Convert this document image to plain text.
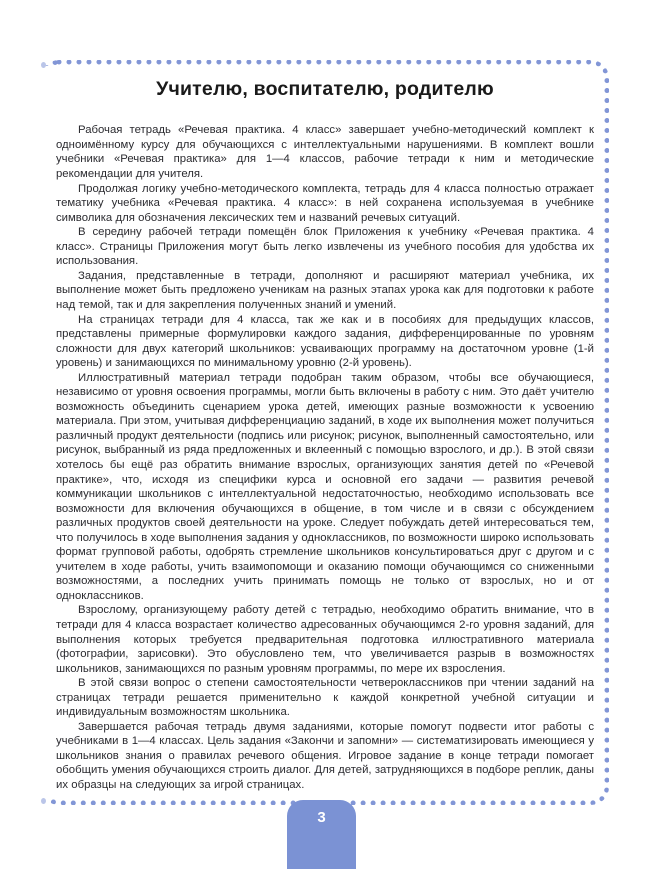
Учителю, воспитателю, родителю

Рабочая тетрадь «Речевая практика. 4 класс» завершает учебно-методический комплект к одноимённому курсу для обучающихся с интеллектуальными нарушениями. В комплект вошли учебники «Речевая практика» для 1—4 классов, рабочие тетради к ним и методические рекомендации для учителя.

Продолжая логику учебно-методического комплекта, тетрадь для 4 класса полностью отражает тематику учебника «Речевая практика. 4 класс»: в ней сохранена используемая в учебнике символика для обозначения лексических тем и названий речевых ситуаций.

В середину рабочей тетради помещён блок Приложения к учебнику «Речевая практика. 4 класс». Страницы Приложения могут быть легко извлечены из учебного пособия для удобства их использования.

Задания, представленные в тетради, дополняют и расширяют материал учебника, их выполнение может быть предложено ученикам на разных этапах урока как для подготовки к работе над темой, так и для закрепления полученных знаний и умений.

На страницах тетради для 4 класса, так же как и в пособиях для предыдущих классов, представлены примерные формулировки каждого задания, дифференцированные по уровням сложности для двух категорий школьников: усваивающих программу на достаточном уровне (1-й уровень) и занимающихся по минимальному уровню (2-й уровень).

Иллюстративный материал тетради подобран таким образом, чтобы все обучающиеся, независимо от уровня освоения программы, могли быть включены в работу с ним. Это даёт учителю возможность объединить сценарием урока детей, имеющих разные возможности к усвоению материала. При этом, учитывая дифференциацию заданий, в ходе их выполнения может получиться различный продукт деятельности (подпись или рисунок; рисунок, выполненный самостоятельно, или рисунок, выбранный из ряда предложенных и вклеенный с помощью взрослого, и др.). В этой связи хотелось бы ещё раз обратить внимание взрослых, организующих занятия детей по «Речевой практике», что, исходя из специфики курса и основной его задачи — развития речевой коммуникации школьников с интеллектуальной недостаточностью, необходимо использовать все возможности для включения обучающихся в общение, в том числе и в связи с обсуждением различных продуктов своей деятельности на уроке. Следует побуждать детей интересоваться тем, что получилось в ходе выполнения задания у одноклассников, по возможности широко использовать формат групповой работы, одобрять стремление школьников консультироваться друг с другом и с учителем в ходе работы, учить взаимопомощи и оказанию помощи обучающимся со сниженными возможностями, а последних учить принимать помощь не только от взрослых, но и от одноклассников.

Взрослому, организующему работу детей с тетрадью, необходимо обратить внимание, что в тетради для 4 класса возрастает количество адресованных обучающимся 2-го уровня заданий, для выполнения которых требуется предварительная подготовка иллюстративного материала (фотографии, зарисовки). Это обусловлено тем, что увеличивается разрыв в возможностях школьников, занимающихся по разным уровням программы, по мере их взросления.

В этой связи вопрос о степени самостоятельности четвероклассников при чтении заданий на страницах тетради решается применительно к каждой конкретной учебной ситуации и индивидуальным возможностям школьника.

Завершается рабочая тетрадь двумя заданиями, которые помогут подвести итог работы с учебниками в 1—4 классах. Цель задания «Закончи и запомни» — систематизировать имеющиеся у школьников знания о правилах речевого общения. Игровое задание в конце тетради помогает обобщить умения обучающихся строить диалог. Для детей, затрудняющихся в подборе реплик, даны их образцы на следующих за игрой страницах.

3
